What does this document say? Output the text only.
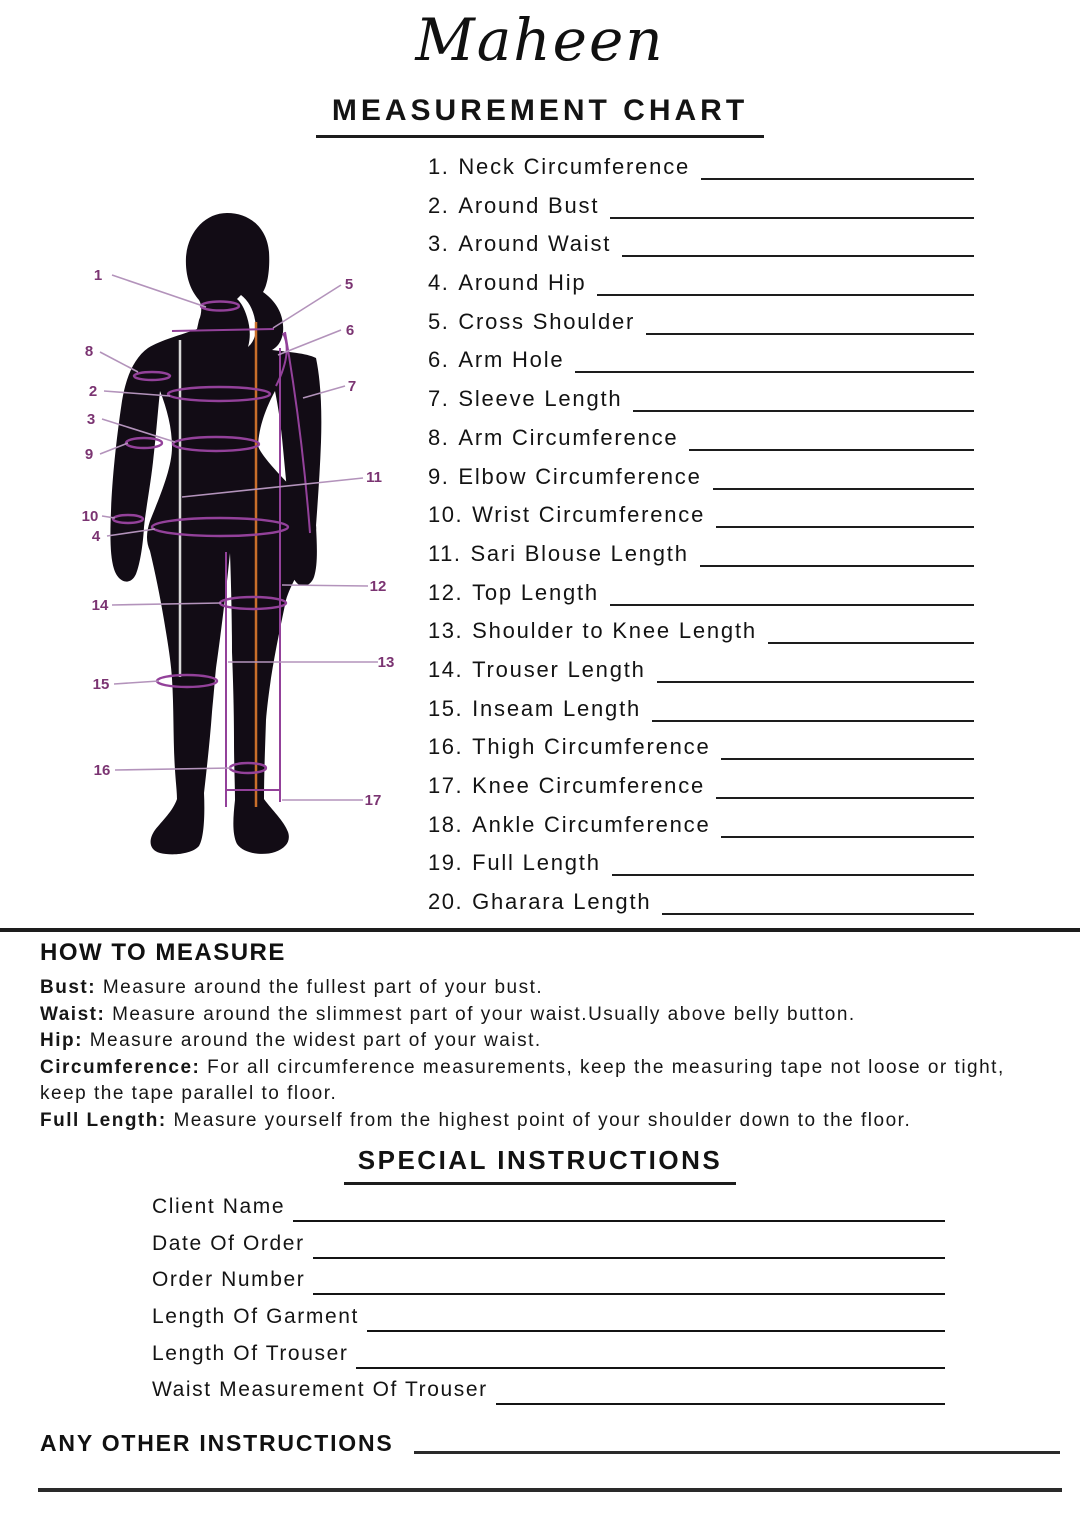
Maheen
MEASUREMENT CHART
1. Neck Circumference
2. Around Bust
3. Around Waist
4. Around Hip
5. Cross Shoulder
6. Arm Hole
7. Sleeve Length
8. Arm Circumference
9. Elbow Circumference
10. Wrist Circumference
11. Sari Blouse Length
12. Top Length
13. Shoulder to Knee Length
14. Trouser Length
15. Inseam Length
16. Thigh Circumference
17. Knee Circumference
18. Ankle Circumference
19. Full Length
20. Gharara Length
1
2
3
4
5
6
7
8
9
10
11
12
13
14
15
16
17
HOW TO MEASURE

Bust: Measure around the fullest part of your bust.

Waist: Measure around the slimmest part of your waist.Usually above belly button.

Hip: Measure around the widest part of your waist.

Circumference: For all circumference measurements, keep the measuring tape not loose or tight, keep the tape parallel to floor.

Full Length: Measure yourself from the highest point of your shoulder down to the floor.

SPECIAL INSTRUCTIONS
Client Name
Date Of Order
Order Number
Length Of Garment
Length Of Trouser
Waist Measurement Of Trouser
ANY OTHER INSTRUCTIONS
